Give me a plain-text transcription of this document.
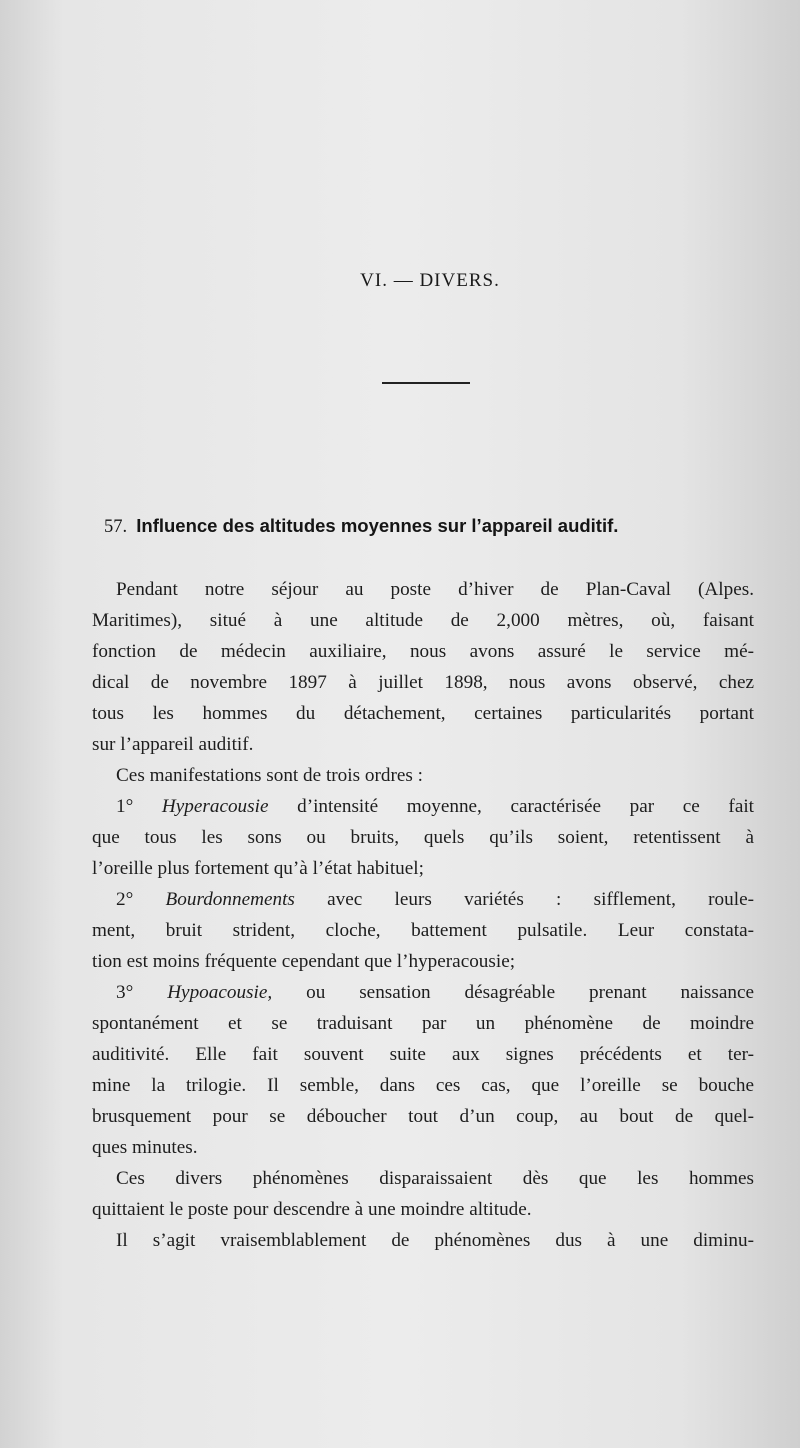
VI. — DIVERS.
57. Influence des altitudes moyennes sur l’appareil auditif.
Pendant notre séjour au poste d’hiver de Plan-Caval (Alpes.
Maritimes), situé à une altitude de 2,000 mètres, où, faisant
fonction de médecin auxiliaire, nous avons assuré le service mé-
dical de novembre 1897 à juillet 1898, nous avons observé, chez
tous les hommes du détachement, certaines particularités portant
sur l’appareil auditif.
Ces manifestations sont de trois ordres :
1° Hyperacousie d’intensité moyenne, caractérisée par ce fait
que tous les sons ou bruits, quels qu’ils soient, retentissent à
l’oreille plus fortement qu’à l’état habituel;
2° Bourdonnements avec leurs variétés : sifflement, roule-
ment, bruit strident, cloche, battement pulsatile. Leur constata-
tion est moins fréquente cependant que l’hyperacousie;
3° Hypoacousie, ou sensation désagréable prenant naissance
spontanément et se traduisant par un phénomène de moindre
auditivité. Elle fait souvent suite aux signes précédents et ter-
mine la trilogie. Il semble, dans ces cas, que l’oreille se bouche
brusquement pour se déboucher tout d’un coup, au bout de quel-
ques minutes.
Ces divers phénomènes disparaissaient dès que les hommes
quittaient le poste pour descendre à une moindre altitude.
Il s’agit vraisemblablement de phénomènes dus à une diminu-
